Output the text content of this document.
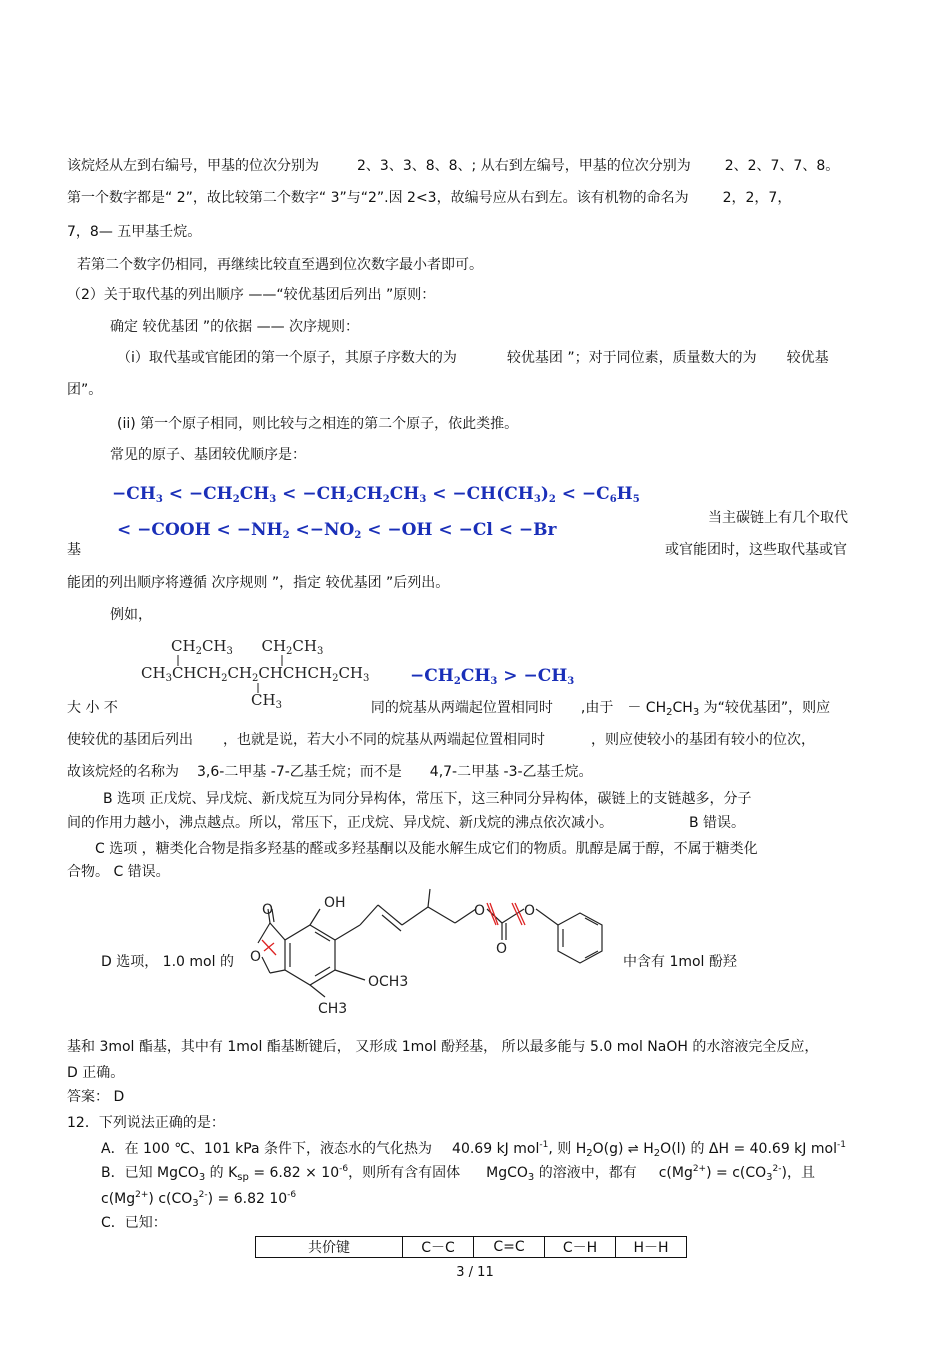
该烷烃从左到右编号，甲基的位次分别为	2、3、3、8、8、; 从右到左编号，甲基的位次分别为 2、2、7、7、8。
第一个数字都是“ 2”，故比较第二个数字“ 3”与“2”.因 2<3，故编号应从右到左。该有机物的命名为 2，2，7，
7，8— 五甲基壬烷。
若第二个数字仍相同，再继续比较直至遇到位次数字最小者即可。
（2）关于取代基的列出顺序 ——“较优基团后列出 ”原则：
确定 较优基团 ”的依据 —— 次序规则：
（i）取代基或官能团的第一个原子，其原子序数大的为	较优基团 ”；对于同位素，质量数大的为 较优基
团”。
(ii) 第一个原子相同，则比较与之相连的第二个原子，依此类推。
常见的原子、基团较优顺序是：
$-CH_3 < -CH_2CH_3 < -CH_2CH_2CH_3 < -CH(CH_3)_2 < -C_6H_5$
< −COOH < $-NH_2 <-NO_2 < -OH < -Cl < -Br$
当主碳链上有几个取代
基	或官能团时，这些取代基或官
能团的列出顺序将遵循 次序规则 ”，指定 较优基团 ”后列出。
例如，
$CH_2CH_3$      $CH_2CH_3$
$CH_3CHCH_2CH_2CHCHCH_2CH_3$
$CH_3$
$-CH_2CH_3 > -CH_3$
大 小 不	同的烷基从两端起位置相同时 ,由于 － $CH_2CH_3$ 为“较优基团”，则应
使较优的基团后列出 ，也就是说，若大小不同的烷基从两端起位置相同时	，则应使较小的基团有较小的位次，
故该烷烃的名称为 3,6-二甲基 -7-乙基壬烷；而不是 4,7-二甲基 -3-乙基壬烷。
B 选项 正戊烷、异戊烷、新戊烷互为同分异构体，常压下，这三种同分异构体，碳链上的支链越多，分子
间的作用力越小，沸点越点。所以，常压下，正戊烷、异戊烷、新戊烷的沸点依次减小。	B 错误。
C 选项 ，糖类化合物是指多羟基的醛或多羟基酮以及能水解生成它们的物质。肌醇是属于醇，不属于糖类化
合物。 C 错误。
OH
O
O
OCH3
CH3
O
O
O
D 选项， 1.0 mol 的	中含有 1mol 酚羟
基和 3mol 酯基，其中有 1mol 酯基断键后， 又形成 1mol 酚羟基， 所以最多能与 5.0 mol NaOH 的水溶液完全反应，
D 正确。
答案： D
12．下列说法正确的是：
A．在 100 ℃、101 kPa 条件下，液态水的气化热为 40.69 kJ mol$^{-1}$, 则 $H_2O(g)$ ⇌ $H_2O(l)$ 的 ΔH = 40.69 kJ mol$^{-1}$
B．已知 MgCO$_3$ 的 $K_{sp} = 6.82 \times 10^{-6}$，则所有含有固体 MgCO$_3$ 的溶液中，都有 $c(Mg^{2+}) = c(CO_3^{2-})$，且
$c(Mg^{2+}) c(CO_3^{2-}) = 6.82$ $10^{-6}$
C．已知：
共价键	C－C	C=C	C－H	H－H
3 / 11
